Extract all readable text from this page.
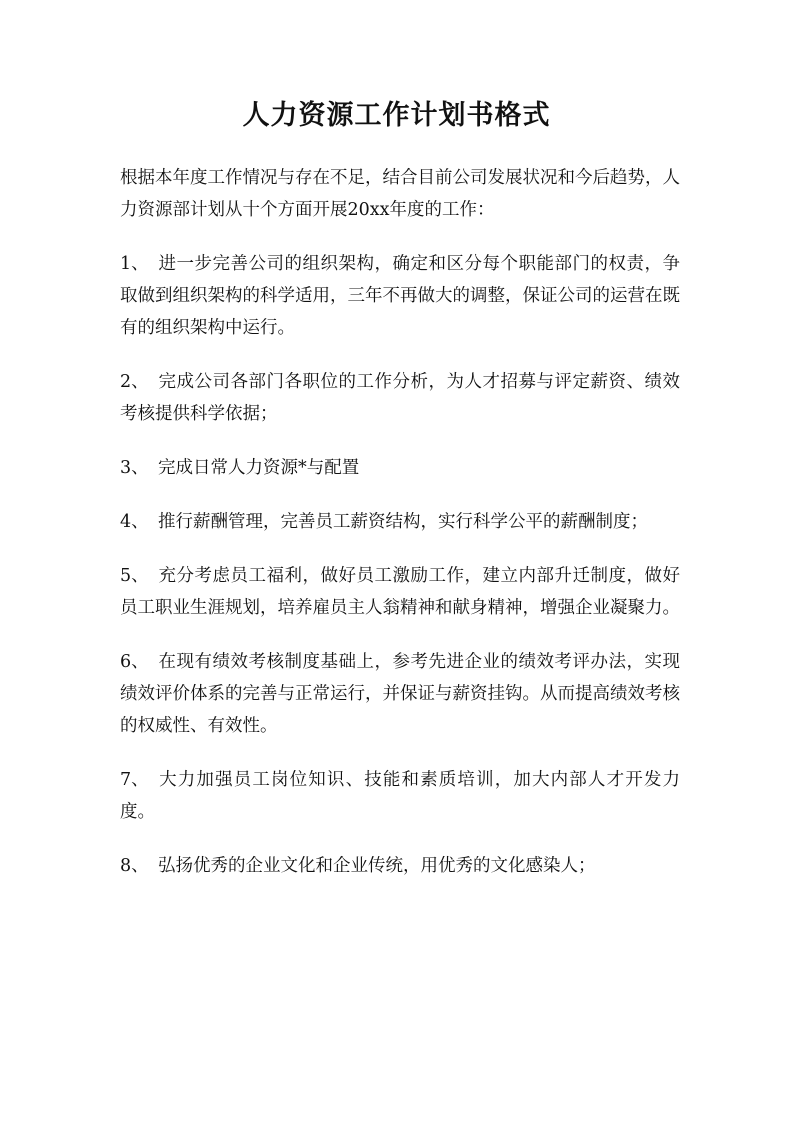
人力资源工作计划书格式

根据本年度工作情况与存在不足，结合目前公司发展状况和今后趋势，人力资源部计划从十个方面开展20xx年度的工作：

1、 进一步完善公司的组织架构，确定和区分每个职能部门的权责，争取做到组织架构的科学适用，三年不再做大的调整，保证公司的运营在既有的组织架构中运行。

2、 完成公司各部门各职位的工作分析，为人才招募与评定薪资、绩效考核提供科学依据；

3、 完成日常人力资源*与配置

4、 推行薪酬管理，完善员工薪资结构，实行科学公平的薪酬制度；

5、 充分考虑员工福利，做好员工激励工作，建立内部升迁制度，做好员工职业生涯规划，培养雇员主人翁精神和献身精神，增强企业凝聚力。

6、 在现有绩效考核制度基础上，参考先进企业的绩效考评办法，实现绩效评价体系的完善与正常运行，并保证与薪资挂钩。从而提高绩效考核的权威性、有效性。

7、 大力加强员工岗位知识、技能和素质培训，加大内部人才开发力度。

8、 弘扬优秀的企业文化和企业传统，用优秀的文化感染人；
